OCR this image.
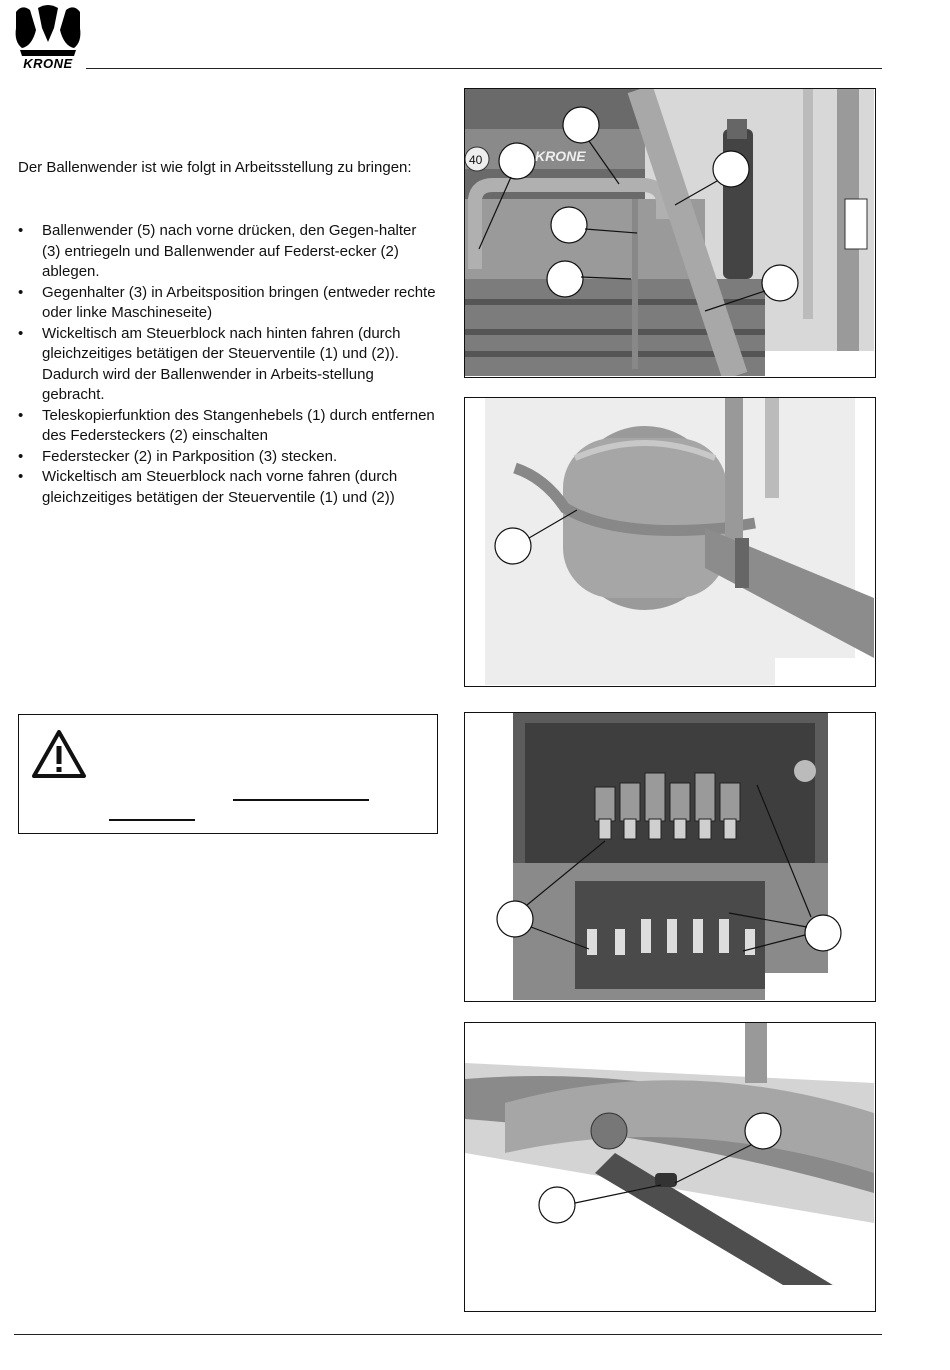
KRONE
Der Ballenwender ist wie folgt in Arbeitsstellung zu bringen:
• Ballenwender (5) nach vorne drücken, den Gegen-halter (3) entriegeln und Ballenwender auf Federst-ecker (2) ablegen.
• Gegenhalter (3) in Arbeitsposition bringen (entweder rechte oder linke Maschineseite)
• Wickeltisch am Steuerblock nach hinten fahren (durch gleichzeitiges betätigen der Steuerventile (1) und (2)). Dadurch wird der Ballenwender in Arbeits-stellung gebracht.
• Teleskopierfunktion des Stangenhebels (1) durch entfernen des Federsteckers (2) einschalten
• Federstecker (2) in Parkposition (3) stecken.
• Wickeltisch am Steuerblock nach vorne fahren (durch gleichzeitiges betätigen der Steuerventile (1) und (2))
40	KRONE
